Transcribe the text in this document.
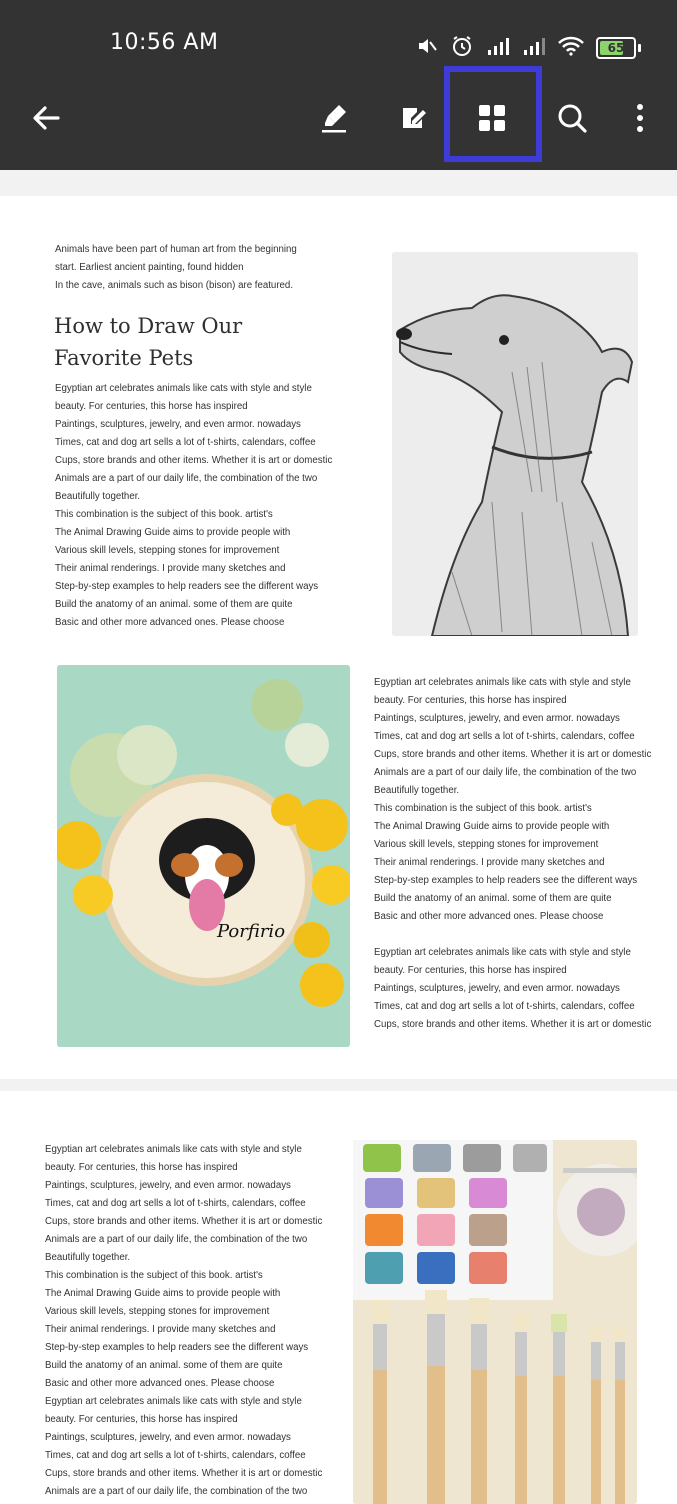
10:56 AM	65
Animals have been part of human art from the beginning
start. Earliest ancient painting, found hidden
In the cave, animals such as bison (bison) are featured.
How to Draw Our
Favorite Pets
Egyptian art celebrates animals like cats with style and style
beauty. For centuries, this horse has inspired
Paintings, sculptures, jewelry, and even armor. nowadays
Times, cat and dog art sells a lot of t-shirts, calendars, coffee
Cups, store brands and other items. Whether it is art or domestic
Animals are a part of our daily life, the combination of the two
Beautifully together.
This combination is the subject of this book. artist's
The Animal Drawing Guide aims to provide people with
Various skill levels, stepping stones for improvement
Their animal renderings. I provide many sketches and
Step-by-step examples to help readers see the different ways
Build the anatomy of an animal. some of them are quite
Basic and other more advanced ones. Please choose
Porfirio
Egyptian art celebrates animals like cats with style and style
beauty. For centuries, this horse has inspired
Paintings, sculptures, jewelry, and even armor. nowadays
Times, cat and dog art sells a lot of t-shirts, calendars, coffee
Cups, store brands and other items. Whether it is art or domestic
Animals are a part of our daily life, the combination of the two
Beautifully together.
This combination is the subject of this book. artist's
The Animal Drawing Guide aims to provide people with
Various skill levels, stepping stones for improvement
Their animal renderings. I provide many sketches and
Step-by-step examples to help readers see the different ways
Build the anatomy of an animal. some of them are quite
Basic and other more advanced ones. Please choose
Egyptian art celebrates animals like cats with style and style
beauty. For centuries, this horse has inspired
Paintings, sculptures, jewelry, and even armor. nowadays
Times, cat and dog art sells a lot of t-shirts, calendars, coffee
Cups, store brands and other items. Whether it is art or domestic
Egyptian art celebrates animals like cats with style and style
beauty. For centuries, this horse has inspired
Paintings, sculptures, jewelry, and even armor. nowadays
Times, cat and dog art sells a lot of t-shirts, calendars, coffee
Cups, store brands and other items. Whether it is art or domestic
Animals are a part of our daily life, the combination of the two
Beautifully together.
This combination is the subject of this book. artist's
The Animal Drawing Guide aims to provide people with
Various skill levels, stepping stones for improvement
Their animal renderings. I provide many sketches and
Step-by-step examples to help readers see the different ways
Build the anatomy of an animal. some of them are quite
Basic and other more advanced ones. Please choose
Egyptian art celebrates animals like cats with style and style
beauty. For centuries, this horse has inspired
Paintings, sculptures, jewelry, and even armor. nowadays
Times, cat and dog art sells a lot of t-shirts, calendars, coffee
Cups, store brands and other items. Whether it is art or domestic
Animals are a part of our daily life, the combination of the two
